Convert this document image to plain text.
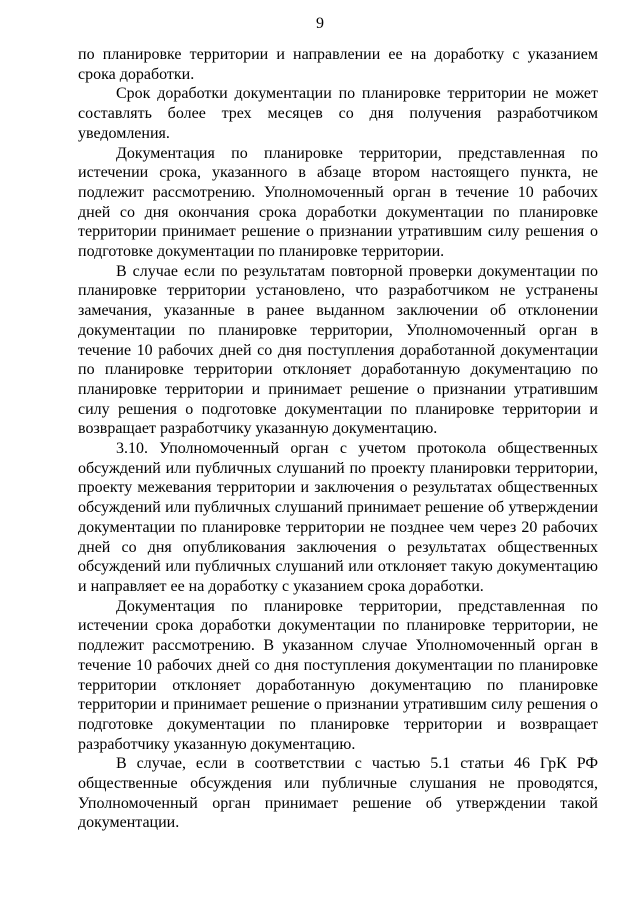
9

по планировке территории и направлении ее на доработку с указанием срока доработки.

Срок доработки документации по планировке территории не может составлять более трех месяцев со дня получения разработчиком уведомления.

Документация по планировке территории, представленная по истечении срока, указанного в абзаце втором настоящего пункта, не подлежит рассмотрению. Уполномоченный орган в течение 10 рабочих дней со дня окончания срока доработки документации по планировке территории принимает решение о признании утратившим силу решения о подготовке документации по планировке территории.

В случае если по результатам повторной проверки документации по планировке территории установлено, что разработчиком не устранены замечания, указанные в ранее выданном заключении об отклонении документации по планировке территории, Уполномоченный орган в течение 10 рабочих дней со дня поступления доработанной документации по планировке территории отклоняет доработанную документацию по планировке территории и принимает решение о признании утратившим силу решения о подготовке документации по планировке территории и возвращает разработчику указанную документацию.

3.10. Уполномоченный орган с учетом протокола общественных обсуждений или публичных слушаний по проекту планировки территории, проекту межевания территории и заключения о результатах общественных обсуждений или публичных слушаний принимает решение об утверждении документации по планировке территории не позднее чем через 20 рабочих дней со дня опубликования заключения о результатах общественных обсуждений или публичных слушаний или отклоняет такую документацию и направляет ее на доработку с указанием срока доработки.

Документация по планировке территории, представленная по истечении срока доработки документации по планировке территории, не подлежит рассмотрению. В указанном случае Уполномоченный орган в течение 10 рабочих дней со дня поступления документации по планировке территории отклоняет доработанную документацию по планировке территории и принимает решение о признании утратившим силу решения о подготовке документации по планировке территории и возвращает разработчику указанную документацию.

В случае, если в соответствии с частью 5.1 статьи 46 ГрК РФ общественные обсуждения или публичные слушания не проводятся, Уполномоченный орган принимает решение об утверждении такой документации.
